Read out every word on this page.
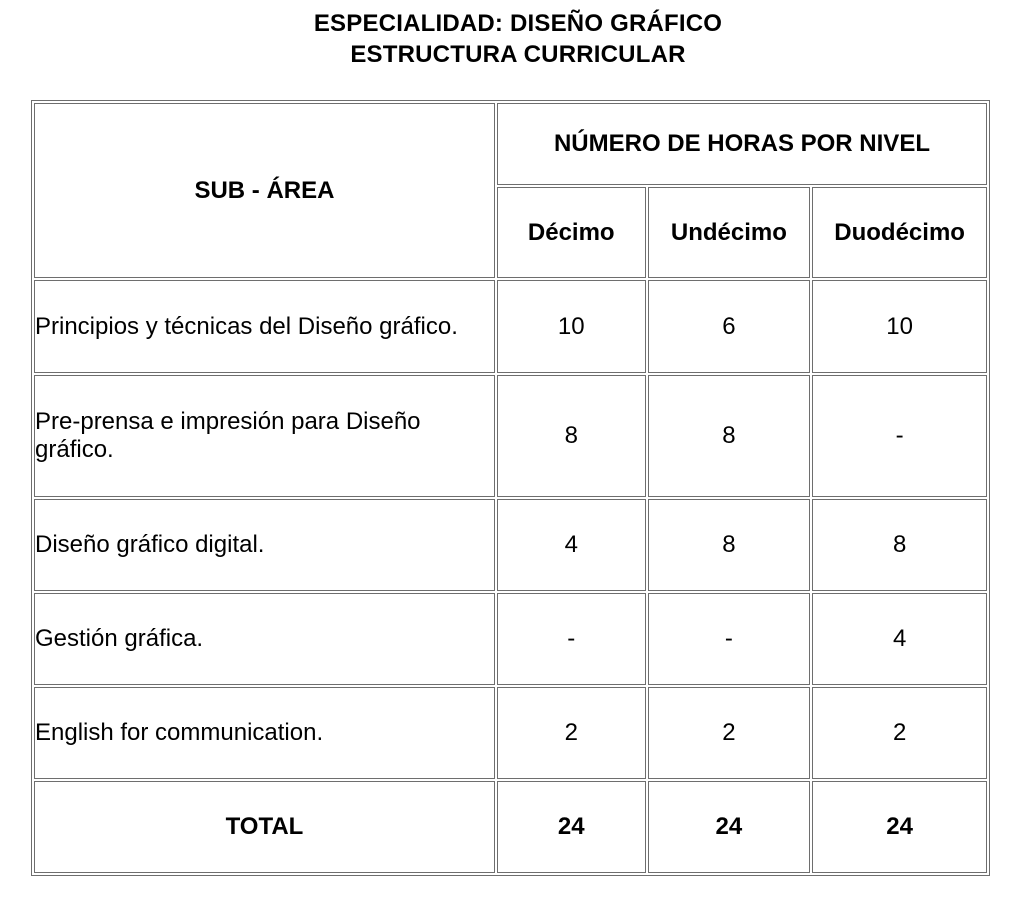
ESPECIALIDAD: DISEÑO GRÁFICO
ESTRUCTURA CURRICULAR
SUB - ÁREA	NÚMERO DE HORAS POR NIVEL		
	Décimo	Undécimo	Duodécimo
Principios y técnicas del Diseño gráfico.	10	6	10
Pre-prensa e impresión para Diseño gráfico.	8	8	-
Diseño gráfico digital.	4	8	8
Gestión gráfica.	-	-	4
English for communication.	2	2	2
TOTAL	24	24	24
